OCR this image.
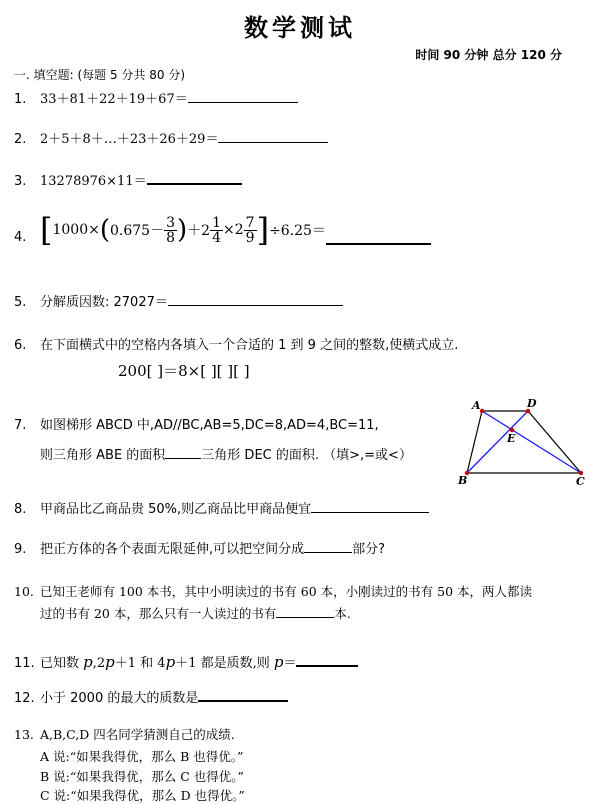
数学测试
时间 90 分钟 总分 120 分
一. 填空题: (每题 5 分共 80 分)
1. 33＋81＋22＋19＋67＝
2. 2＋5＋8＋…＋23＋26＋29＝
3. 13278976×11＝
4. [ 1000× ( $0.675- \frac{3}{8}$ ) $+2 \frac{1}{4} \times 2 \frac{7}{9}$ ] ÷6.25＝
5. 分解质因数: 27027＝
6. 在下面横式中的空格内各填入一个合适的 1 到 9 之间的整数,使横式成立.
200[ ]＝8×[ ][ ][ ]
7. 如图梯形 ABCD 中,AD//BC,AB=5,DC=8,AD=4,BC=11,
则三角形 ABE 的面积	三角形 DEC 的面积. （填>,=或<）
A	D
E
B	C
8. 甲商品比乙商品贵 50%,则乙商品比甲商品便宜
9. 把正方体的各个表面无限延伸,可以把空间分成	部分?
10. 已知王老师有 100 本书，其中小明读过的书有 60 本，小刚读过的书有 50 本，两人都读
过的书有 20 本，那么只有一人读过的书有	本.
11. 已知数 p,2p＋1 和 4p＋1 都是质数,则 p＝
12. 小于 2000 的最大的质数是
13. A,B,C,D 四名同学猜测自己的成绩.
A 说:“如果我得优，那么 B 也得优。”
B 说:“如果我得优，那么 C 也得优。”
C 说:“如果我得优，那么 D 也得优。”
